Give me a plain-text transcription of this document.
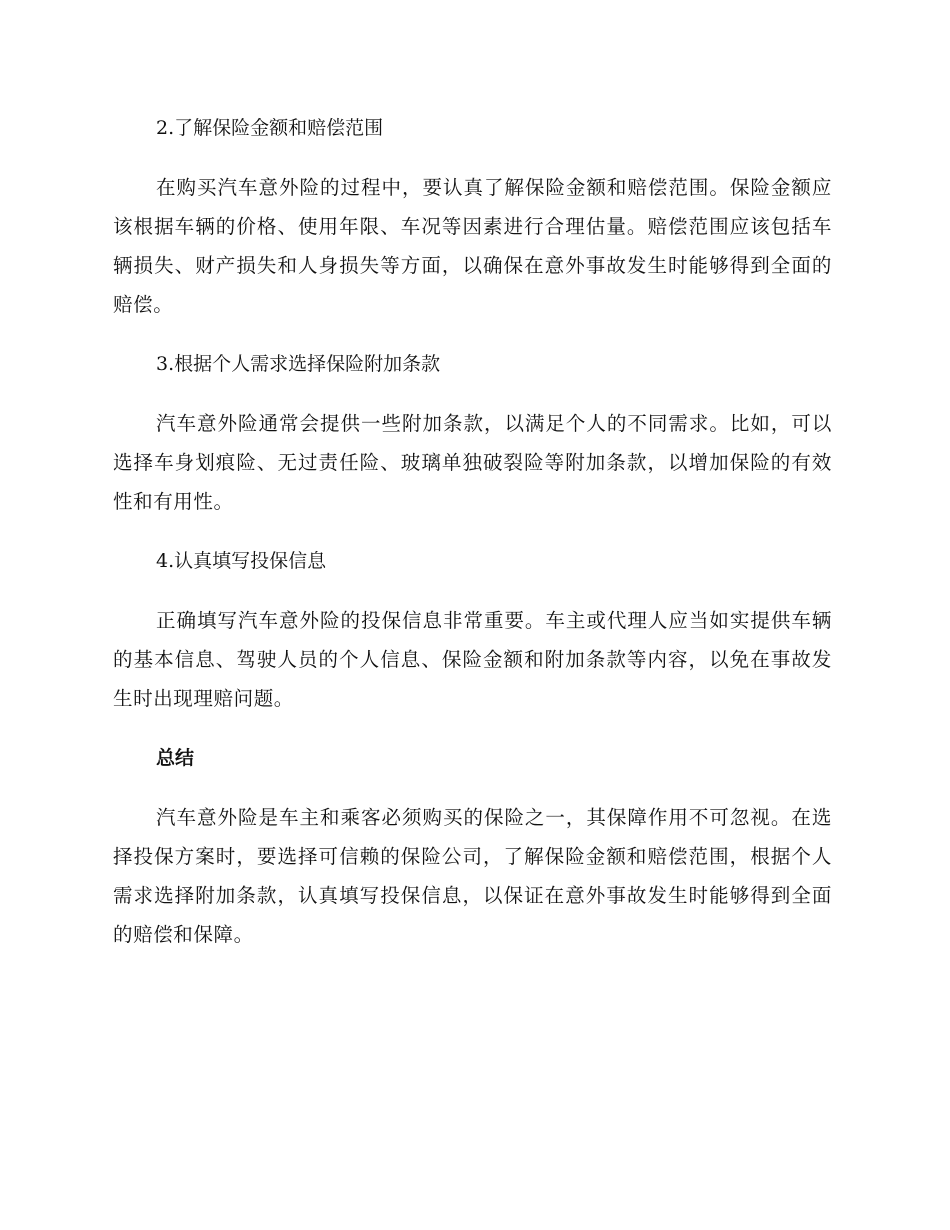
2.了解保险金额和赔偿范围

在购买汽车意外险的过程中，要认真了解保险金额和赔偿范围。保险金额应该根据车辆的价格、使用年限、车况等因素进行合理估量。赔偿范围应该包括车辆损失、财产损失和人身损失等方面，以确保在意外事故发生时能够得到全面的赔偿。

3.根据个人需求选择保险附加条款

汽车意外险通常会提供一些附加条款，以满足个人的不同需求。比如，可以选择车身划痕险、无过责任险、玻璃单独破裂险等附加条款，以增加保险的有效性和有用性。

4.认真填写投保信息

正确填写汽车意外险的投保信息非常重要。车主或代理人应当如实提供车辆的基本信息、驾驶人员的个人信息、保险金额和附加条款等内容，以免在事故发生时出现理赔问题。

总结

汽车意外险是车主和乘客必须购买的保险之一，其保障作用不可忽视。在选择投保方案时，要选择可信赖的保险公司，了解保险金额和赔偿范围，根据个人需求选择附加条款，认真填写投保信息，以保证在意外事故发生时能够得到全面的赔偿和保障。
